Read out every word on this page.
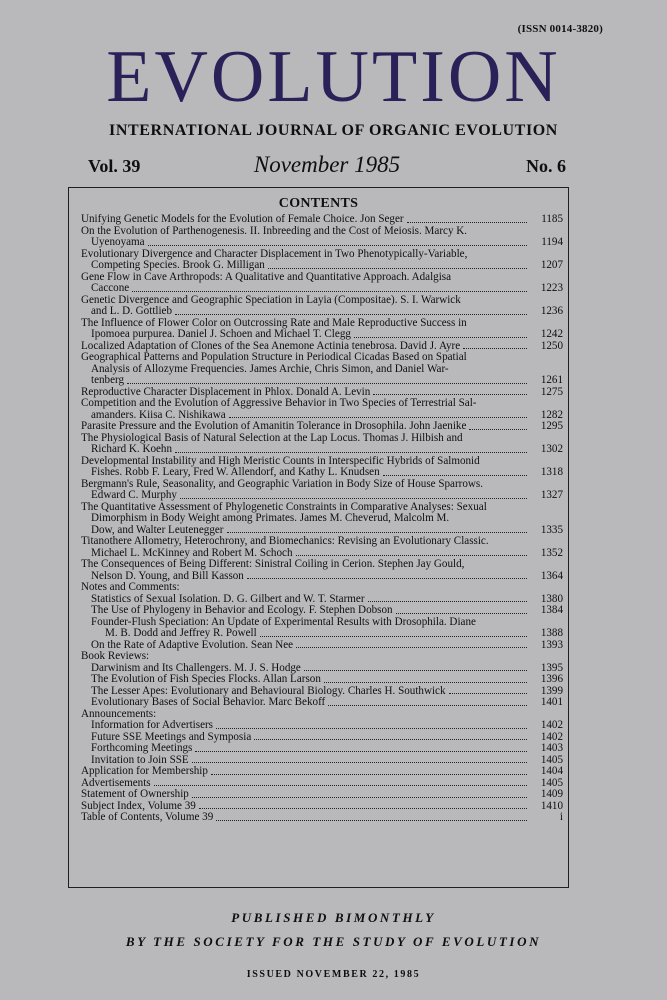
(ISSN 0014-3820)
EVOLUTION
INTERNATIONAL JOURNAL OF ORGANIC EVOLUTION
Vol. 39	November 1985	No. 6
CONTENTS
Unifying Genetic Models for the Evolution of Female Choice. Jon Seger	1185
On the Evolution of Parthenogenesis. II. Inbreeding and the Cost of Meiosis. Marcy K.
Uyenoyama	1194
Evolutionary Divergence and Character Displacement in Two Phenotypically-Variable,
Competing Species. Brook G. Milligan	1207
Gene Flow in Cave Arthropods: A Qualitative and Quantitative Approach. Adalgisa
Caccone	1223
Genetic Divergence and Geographic Speciation in Layia (Compositae). S. I. Warwick
and L. D. Gottlieb	1236
The Influence of Flower Color on Outcrossing Rate and Male Reproductive Success in
Ipomoea purpurea. Daniel J. Schoen and Michael T. Clegg	1242
Localized Adaptation of Clones of the Sea Anemone Actinia tenebrosa. David J. Ayre	1250
Geographical Patterns and Population Structure in Periodical Cicadas Based on Spatial
Analysis of Allozyme Frequencies. James Archie, Chris Simon, and Daniel War-
tenberg	1261
Reproductive Character Displacement in Phlox. Donald A. Levin	1275
Competition and the Evolution of Aggressive Behavior in Two Species of Terrestrial Sal-
amanders. Kiisa C. Nishikawa	1282
Parasite Pressure and the Evolution of Amanitin Tolerance in Drosophila. John Jaenike	1295
The Physiological Basis of Natural Selection at the Lap Locus. Thomas J. Hilbish and
Richard K. Koehn	1302
Developmental Instability and High Meristic Counts in Interspecific Hybrids of Salmonid
Fishes. Robb F. Leary, Fred W. Allendorf, and Kathy L. Knudsen	1318
Bergmann's Rule, Seasonality, and Geographic Variation in Body Size of House Sparrows.
Edward C. Murphy	1327
The Quantitative Assessment of Phylogenetic Constraints in Comparative Analyses: Sexual
Dimorphism in Body Weight among Primates. James M. Cheverud, Malcolm M.
Dow, and Walter Leutenegger	1335
Titanothere Allometry, Heterochrony, and Biomechanics: Revising an Evolutionary Classic.
Michael L. McKinney and Robert M. Schoch	1352
The Consequences of Being Different: Sinistral Coiling in Cerion. Stephen Jay Gould,
Nelson D. Young, and Bill Kasson	1364
Notes and Comments:
Statistics of Sexual Isolation. D. G. Gilbert and W. T. Starmer	1380
The Use of Phylogeny in Behavior and Ecology. F. Stephen Dobson	1384
Founder-Flush Speciation: An Update of Experimental Results with Drosophila. Diane
M. B. Dodd and Jeffrey R. Powell	1388
On the Rate of Adaptive Evolution. Sean Nee	1393
Book Reviews:
Darwinism and Its Challengers. M. J. S. Hodge	1395
The Evolution of Fish Species Flocks. Allan Larson	1396
The Lesser Apes: Evolutionary and Behavioural Biology. Charles H. Southwick	1399
Evolutionary Bases of Social Behavior. Marc Bekoff	1401
Announcements:
Information for Advertisers	1402
Future SSE Meetings and Symposia	1402
Forthcoming Meetings	1403
Invitation to Join SSE	1405
Application for Membership	1404
Advertisements	1405
Statement of Ownership	1409
Subject Index, Volume 39	1410
Table of Contents, Volume 39	i
PUBLISHED BIMONTHLY
BY THE SOCIETY FOR THE STUDY OF EVOLUTION
ISSUED NOVEMBER 22, 1985
